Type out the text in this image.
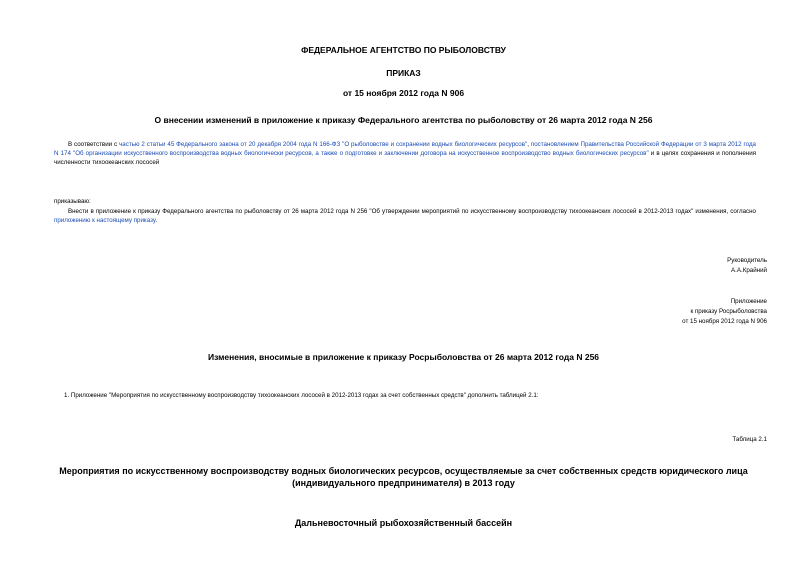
ФЕДЕРАЛЬНОЕ АГЕНТСТВО ПО РЫБОЛОВСТВУ
ПРИКАЗ
от 15 ноября 2012 года N 906
О внесении изменений в приложение к приказу Федерального агентства по рыболовству от 26 марта 2012 года N 256
В соответствии с частью 2 статьи 45 Федерального закона от 20 декабря 2004 года N 166-ФЗ "О рыболовстве и сохранении водных биологических ресурсов", постановлением Правительства Российской Федерации от 3 марта 2012 года N 174 "Об организации искусственного воспроизводства водных биологически ресурсов, а также о подготовке и заключении договора на искусственное воспроизводство водных биологических ресурсов" и в целях сохранения и пополнения численности тихоокеанских лососей
приказываю:
Внести в приложение к приказу Федерального агентства по рыболовству от 26 марта 2012 года N 256 "Об утверждении мероприятий по искусственному воспроизводству тихоокеанских лососей в 2012-2013 годах" изменения, согласно приложению к настоящему приказу.
Руководитель
А.А.Крайний
Приложение
к приказу Росрыболовства
от 15 ноября 2012 года N 906
Изменения, вносимые в приложение к приказу Росрыболовства от 26 марта 2012 года N 256
1. Приложение "Мероприятия по искусственному воспроизводству тихоокеанских лососей в 2012-2013 годах за счет собственных средств" дополнить таблицей 2.1:
Таблица 2.1
Мероприятия по искусственному воспроизводству водных биологических ресурсов, осуществляемые за счет собственных средств юридического лица
(индивидуального предпринимателя) в 2013 году
Дальневосточный рыбохозяйственный бассейн
